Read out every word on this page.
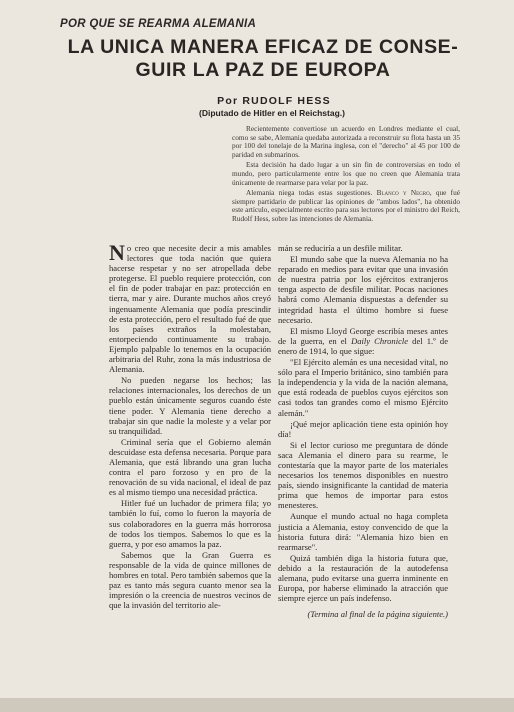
POR QUE SE REARMA ALEMANIA
LA UNICA MANERA EFICAZ DE CONSE-
GUIR LA PAZ DE EUROPA
Por RUDOLF HESS
(Diputado de Hitler en el Reichstag.)

Recientemente convertiose un acuerdo en Londres mediante el cual, como se sabe, Alemania quedaba autorizada a reconstruir su flota hasta un 35 por 100 del tonelaje de la Marina inglesa, con el "derecho" al 45 por 100 de paridad en submarinos.

Esta decisión ha dado lugar a un sin fin de controversias en todo el mundo, pero particularmente entre los que no creen que Alemania trata únicamente de rearmarse para velar por la paz.

Alemania niega todas estas sugestiones. Blanco y Negro, que fué siempre partidario de publicar las opiniones de "ambos lados", ha obtenido este artículo, especialmente escrito para sus lectores por el ministro del Reich, Rudolf Hess, sobre las intenciones de Alemania.

No creo que necesite decir a mis amables lectores que toda nación que quiera hacerse respetar y no ser atropellada debe protegerse. El pueblo requiere protección, con el fin de poder trabajar en paz: protección en tierra, mar y aire. Durante muchos años creyó ingenuamente Alemania que podía prescindir de esta protección, pero el resultado fué de que los países extraños la molestaban, entorpeciendo continuamente su trabajo. Ejemplo palpable lo tenemos en la ocupación arbitraria del Ruhr, zona la más industriosa de Alemania.

No pueden negarse los hechos; las relaciones internacionales, los derechos de un pueblo están únicamente seguros cuando éste tiene poder. Y Alemania tiene derecho a trabajar sin que nadie la moleste y a velar por su tranquilidad.

Criminal sería que el Gobierno alemán descuidase esta defensa necesaria. Porque para Alemania, que está librando una gran lucha contra el paro forzoso y en pro de la renovación de su vida nacional, el ideal de paz es al mismo tiempo una necesidad práctica.

Hitler fué un luchador de primera fila; yo también lo fuí, como lo fueron la mayoría de sus colaboradores en la guerra más horrorosa de todos los tiempos. Sabemos lo que es la guerra, y por eso amamos la paz.

Sabemos que la Gran Guerra es responsable de la vida de quince millones de hombres en total. Pero también sabemos que la paz es tanto más segura cuanto menor sea la impresión o la creencia de nuestros vecinos de que la invasión del territorio ale-

mán se reduciría a un desfile militar.

El mundo sabe que la nueva Alemania no ha reparado en medios para evitar que una invasión de nuestra patria por los ejércitos extranjeros tenga aspecto de desfile militar. Pocas naciones habrá como Alemania dispuestas a defender su integridad hasta el último hombre si fuese necesario.

El mismo Lloyd George escribía meses antes de la guerra, en el Daily Chronicle del 1.º de enero de 1914, lo que sigue:

"El Ejército alemán es una necesidad vital, no sólo para el Imperio británico, sino también para la independencia y la vida de la nación alemana, que está rodeada de pueblos cuyos ejércitos son casi todos tan grandes como el mismo Ejército alemán."

¡Qué mejor aplicación tiene esta opinión hoy día!

Si el lector curioso me preguntara de dónde saca Alemania el dinero para su rearme, le contestaría que la mayor parte de los materiales necesarios los tenemos disponibles en nuestro país, siendo insignificante la cantidad de materia prima que hemos de importar para estos menesteres.

Aunque el mundo actual no haga completa justicia a Alemania, estoy convencido de que la historia futura dirá: "Alemania hizo bien en rearmarse".

Quizá también diga la historia futura que, debido a la restauración de la autodefensa alemana, pudo evitarse una guerra inminente en Europa, por haberse eliminado la atracción que siempre ejerce un país indefenso.

(Termina al final de la página siguiente.)
